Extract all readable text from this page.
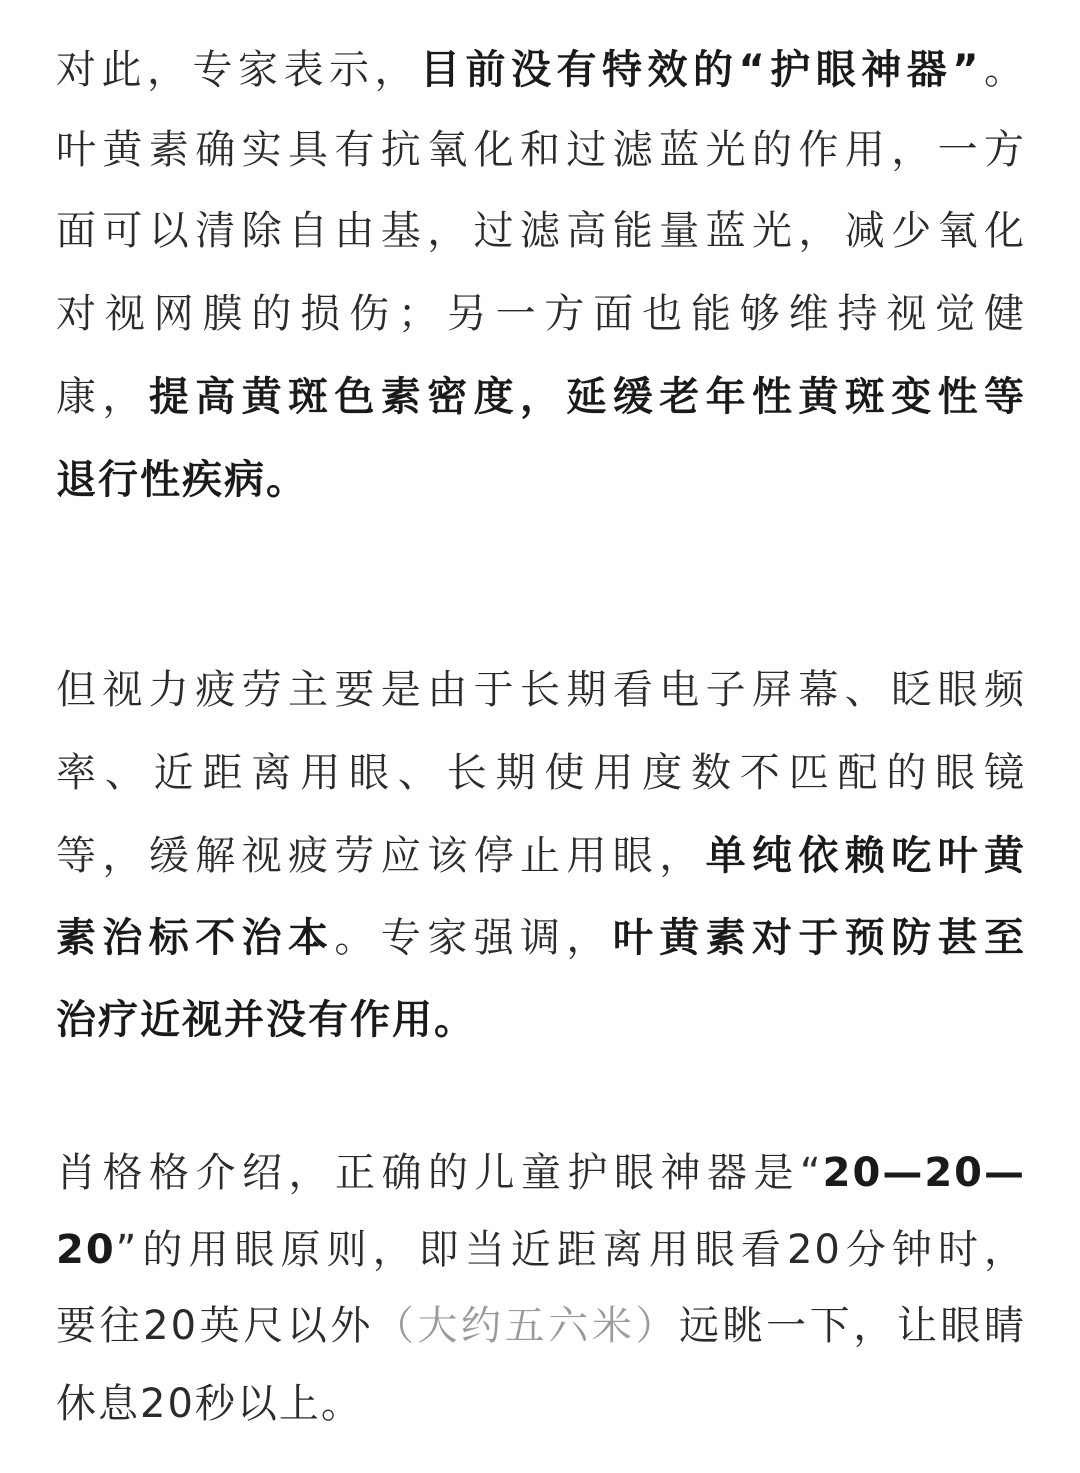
对此，专家表示，目前没有特效的“护眼神器”。
叶黄素确实具有抗氧化和过滤蓝光的作用，一方
面可以清除自由基，过滤高能量蓝光，减少氧化
对视网膜的损伤；另一方面也能够维持视觉健
康，提高黄斑色素密度，延缓老年性黄斑变性等
退行性疾病。
但视力疲劳主要是由于长期看电子屏幕、眨眼频
率、近距离用眼、长期使用度数不匹配的眼镜
等，缓解视疲劳应该停止用眼，单纯依赖吃叶黄
素治标不治本。专家强调，叶黄素对于预防甚至
治疗近视并没有作用。
肖格格介绍，正确的儿童护眼神器是“20—20—
20”的用眼原则，即当近距离用眼看20分钟时，
要往20英尺以外（大约五六米）远眺一下，让眼睛
休息20秒以上。
